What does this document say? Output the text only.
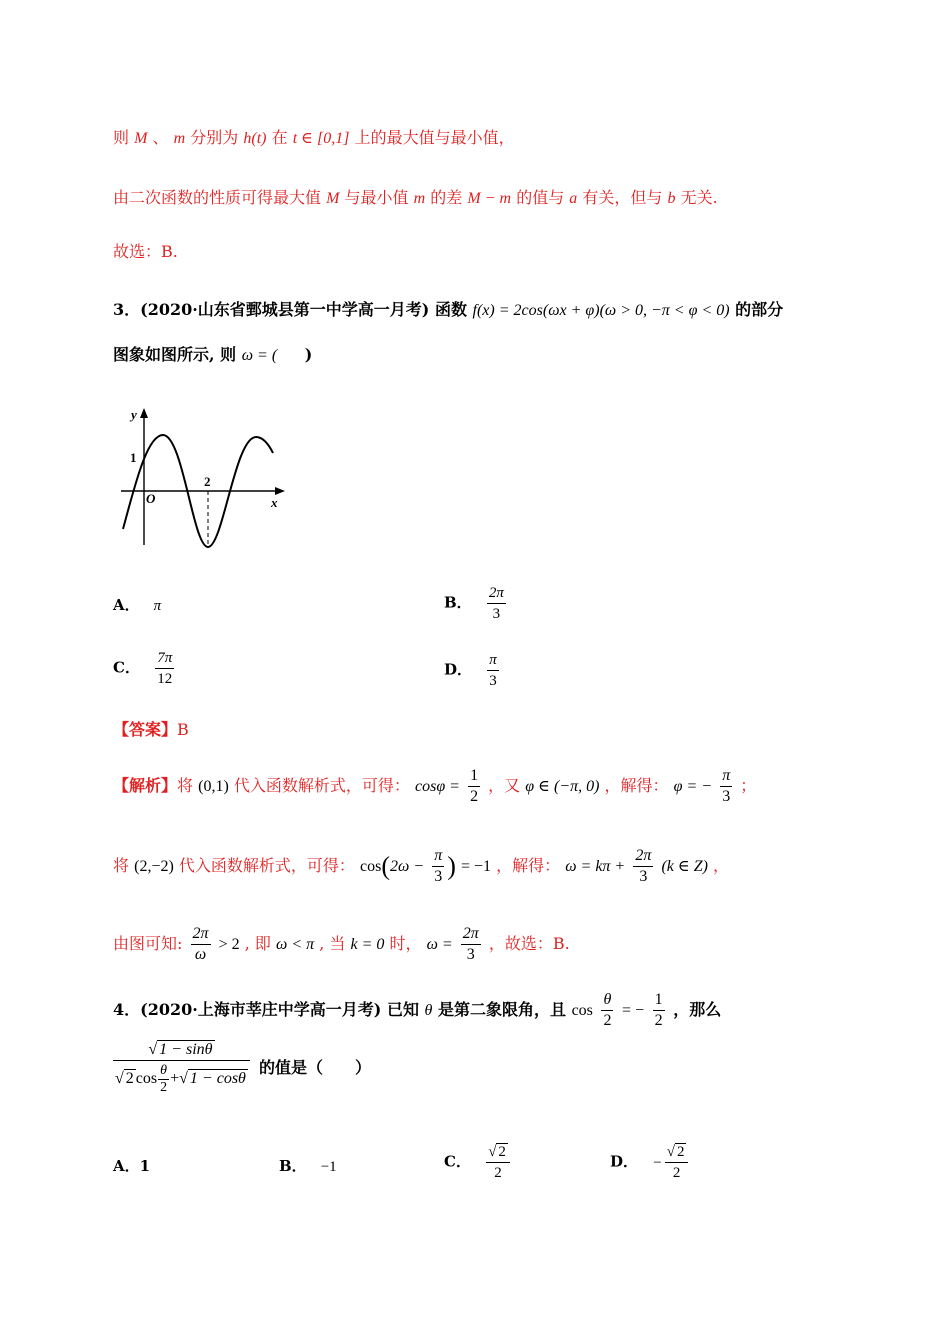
则 M 、 m 分别为 h(t) 在 t ∈ [0,1] 上的最大值与最小值，
由二次函数的性质可得最大值 M 与最小值 m 的差 M − m 的值与 a 有关，但与 b 无关.
故选：B.
3．(2020·山东省鄄城县第一中学高一月考) 函数 f(x) = 2cos(ωx + φ)(ω > 0, −π < φ < 0) 的部分
图象如图所示, 则 ω = ( )
y
x
O
1
2
A． π	B． $\frac{2\pi}{3}$
C． $\frac{7\pi}{12}$	D． $\frac{\pi}{3}$
【答案】B
【解析】将 (0,1) 代入函数解析式，可得： $\cos\varphi = \frac{1}{2}$ ，又 φ ∈ (−π, 0) ，解得： φ = − $\frac{\pi}{3}$ ；
将 (2,−2) 代入函数解析式，可得： $\cos(2\omega - \frac{\pi}{3}$ ) = −1 ，解得： $\omega = k\pi + \frac{2\pi}{3} (k$ ∈ Z) ，
由图可知: $\frac{2\pi}{\omega} > 2$ , 即 ω < π , 当 k = 0 时， $\omega = \frac{2\pi}{3}$ ，故选：B.
4．(2020·上海市莘庄中学高一月考) 已知 θ 是第二象限角，且 $\cos \frac{\theta}{2}$ = − $\frac{1}{2}$ ，那么
$\frac{√ 1 - \sin\theta}{√ 2 \cos \frac{\theta}{2} +√ 1 - \cos\theta}$ 的值是（　　）
A．1	B． −1	C． $\frac{√ 2}{2}$	D． − $\frac{√ 2}{2}$
